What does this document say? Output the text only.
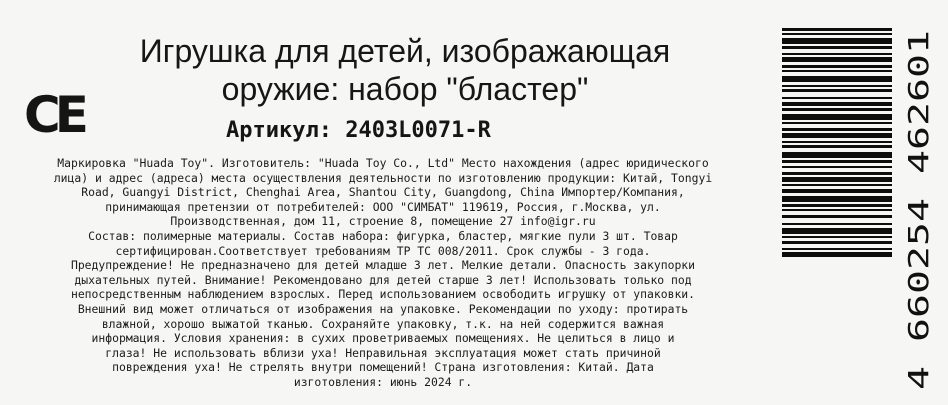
Игрушка для детей, изображающая
оружие: набор "бластер"
CE	Артикул: 2403L0071-R
Маркировка "Huada Toy". Изготовитель: "Huada Toy Co., Ltd" Место нахождения (адрес юридического
лица) и адрес (адреса) места осуществления деятельности по изготовлению продукции: Китай, Tongyi
Road, Guangyi District, Chenghai Area, Shantou City, Guangdong, China Импортер/Компания,
принимающая претензии от потребителей: ООО "СИМБАТ" 119619, Россия, г.Москва, ул.
Производственная, дом 11, строение 8, помещение 27 info@igr.ru
Состав: полимерные материалы. Состав набора: фигурка, бластер, мягкие пули 3 шт. Товар
сертифицирован.Соответствует требованиям ТР ТС 008/2011. Срок службы - 3 года.
Предупреждение! Не предназначено для детей младше 3 лет. Мелкие детали. Опасность закупорки
дыхательных путей. Внимание! Рекомендовано для детей старше 3 лет! Использовать только под
непосредственным наблюдением взрослых. Перед использованием освободить игрушку от упаковки.
Внешний вид может отличаться от изображения на упаковке. Рекомендации по уходу: протирать
влажной, хорошо выжатой тканью. Сохраняйте упаковку, т.к. на ней содержится важная
информация. Условия хранения: в сухих проветриваемых помещениях. Не целиться в лицо и
глаза! Не использовать вблизи уха! Неправильная эксплуатация может стать причиной
повреждения уха! Не стрелять внутри помещений! Страна изготовления: Китай. Дата
изготовления: июнь 2024 г.	4 660254 462601
